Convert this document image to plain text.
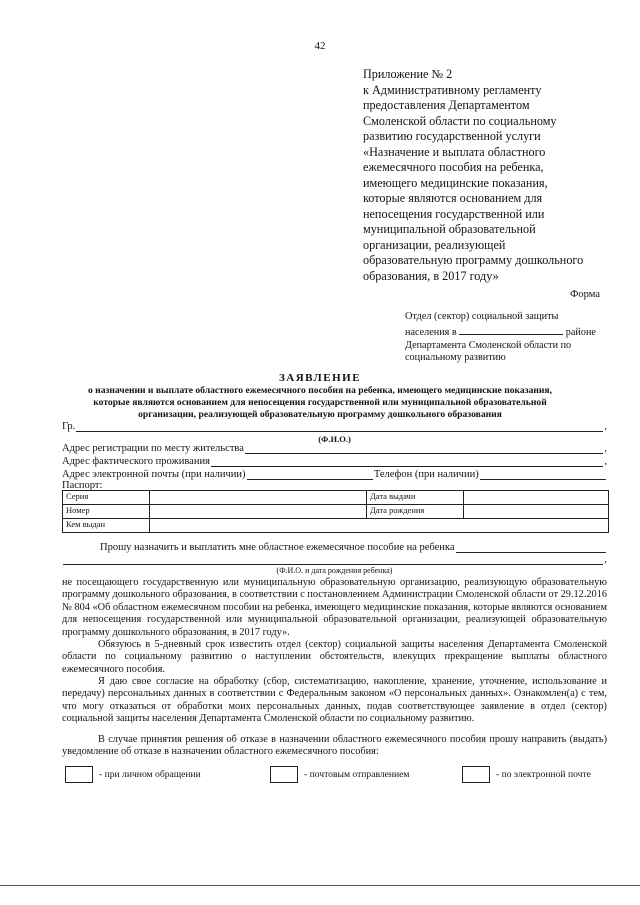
42
Приложение № 2
к Административному регламенту
предоставления Департаментом
Смоленской области по социальному
развитию государственной услуги
«Назначение и выплата областного
ежемесячного пособия на ребенка,
имеющего медицинские показания,
которые являются основанием для
непосещения государственной или
муниципальной образовательной
организации, реализующей
образовательную программу дошкольного
образования, в 2017 году»
Форма
Отдел (сектор) социальной защиты
населения в	районе
Департамента Смоленской области по
социальному развитию
ЗАЯВЛЕНИЕ
о назначении и выплате областного ежемесячного пособия на ребенка, имеющего медицинские показания, которые являются основанием для непосещения государственной или муниципальной образовательной организации, реализующей образовательную программу дошкольного образования
Гр.	,
(Ф.И.О.)
Адрес регистрации по месту жительства	,
Адрес фактического проживания	,
Адрес электронной почты (при наличии)	Телефон (при наличии)
Паспорт:
Серия		Дата выдачи	
Номер		Дата рождения	
Кем выдан			
Прошу назначить и выплатить мне областное ежемесячное пособие на ребенка
,
(Ф.И.О. и дата рождения ребенка)
не посещающего государственную или муниципальную образовательную организацию, реализующую образовательную программу дошкольного образования, в соответствии с постановлением Администрации Смоленской области от 29.12.2016 № 804 «Об областном ежемесячном пособии на ребенка, имеющего медицинские показания, которые являются основанием для непосещения государственной или муниципальной образовательной организации, реализующей образовательную программу дошкольного образования, в 2017 году».
Обязуюсь в 5-дневный срок известить отдел (сектор) социальной защиты населения Департамента Смоленской области по социальному развитию о наступлении обстоятельств, влекущих прекращение выплаты областного ежемесячного пособия.
Я даю свое согласие на обработку (сбор, систематизацию, накопление, хранение, уточнение, использование и передачу) персональных данных в соответствии с Федеральным законом «О персональных данных». Ознакомлен(а) с тем, что могу отказаться от обработки моих персональных данных, подав соответствующее заявление в отдел (сектор) социальной защиты населения Департамента Смоленской области по социальному развитию.
В случае принятия решения об отказе в назначении областного ежемесячного пособия прошу направить (выдать) уведомление об отказе в назначении областного ежемесячного пособия:
- при личном обращении	- почтовым отправлением	- по электронной почте
